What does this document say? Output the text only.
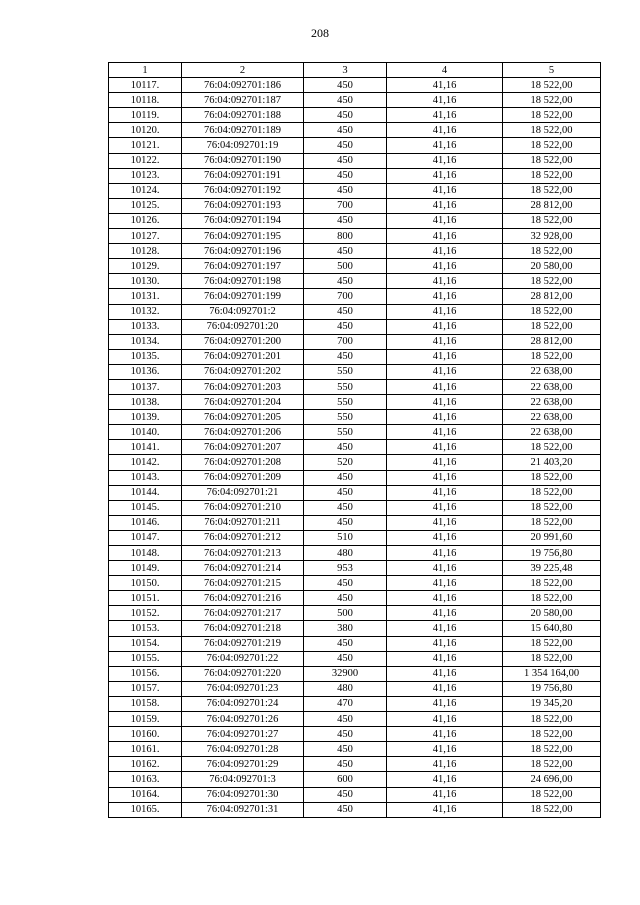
208
1	2	3	4	5
10117.	76:04:092701:186	450	41,16	18 522,00
10118.	76:04:092701:187	450	41,16	18 522,00
10119.	76:04:092701:188	450	41,16	18 522,00
10120.	76:04:092701:189	450	41,16	18 522,00
10121.	76:04:092701:19	450	41,16	18 522,00
10122.	76:04:092701:190	450	41,16	18 522,00
10123.	76:04:092701:191	450	41,16	18 522,00
10124.	76:04:092701:192	450	41,16	18 522,00
10125.	76:04:092701:193	700	41,16	28 812,00
10126.	76:04:092701:194	450	41,16	18 522,00
10127.	76:04:092701:195	800	41,16	32 928,00
10128.	76:04:092701:196	450	41,16	18 522,00
10129.	76:04:092701:197	500	41,16	20 580,00
10130.	76:04:092701:198	450	41,16	18 522,00
10131.	76:04:092701:199	700	41,16	28 812,00
10132.	76:04:092701:2	450	41,16	18 522,00
10133.	76:04:092701:20	450	41,16	18 522,00
10134.	76:04:092701:200	700	41,16	28 812,00
10135.	76:04:092701:201	450	41,16	18 522,00
10136.	76:04:092701:202	550	41,16	22 638,00
10137.	76:04:092701:203	550	41,16	22 638,00
10138.	76:04:092701:204	550	41,16	22 638,00
10139.	76:04:092701:205	550	41,16	22 638,00
10140.	76:04:092701:206	550	41,16	22 638,00
10141.	76:04:092701:207	450	41,16	18 522,00
10142.	76:04:092701:208	520	41,16	21 403,20
10143.	76:04:092701:209	450	41,16	18 522,00
10144.	76:04:092701:21	450	41,16	18 522,00
10145.	76:04:092701:210	450	41,16	18 522,00
10146.	76:04:092701:211	450	41,16	18 522,00
10147.	76:04:092701:212	510	41,16	20 991,60
10148.	76:04:092701:213	480	41,16	19 756,80
10149.	76:04:092701:214	953	41,16	39 225,48
10150.	76:04:092701:215	450	41,16	18 522,00
10151.	76:04:092701:216	450	41,16	18 522,00
10152.	76:04:092701:217	500	41,16	20 580,00
10153.	76:04:092701:218	380	41,16	15 640,80
10154.	76:04:092701:219	450	41,16	18 522,00
10155.	76:04:092701:22	450	41,16	18 522,00
10156.	76:04:092701:220	32900	41,16	1 354 164,00
10157.	76:04:092701:23	480	41,16	19 756,80
10158.	76:04:092701:24	470	41,16	19 345,20
10159.	76:04:092701:26	450	41,16	18 522,00
10160.	76:04:092701:27	450	41,16	18 522,00
10161.	76:04:092701:28	450	41,16	18 522,00
10162.	76:04:092701:29	450	41,16	18 522,00
10163.	76:04:092701:3	600	41,16	24 696,00
10164.	76:04:092701:30	450	41,16	18 522,00
10165.	76:04:092701:31	450	41,16	18 522,00
